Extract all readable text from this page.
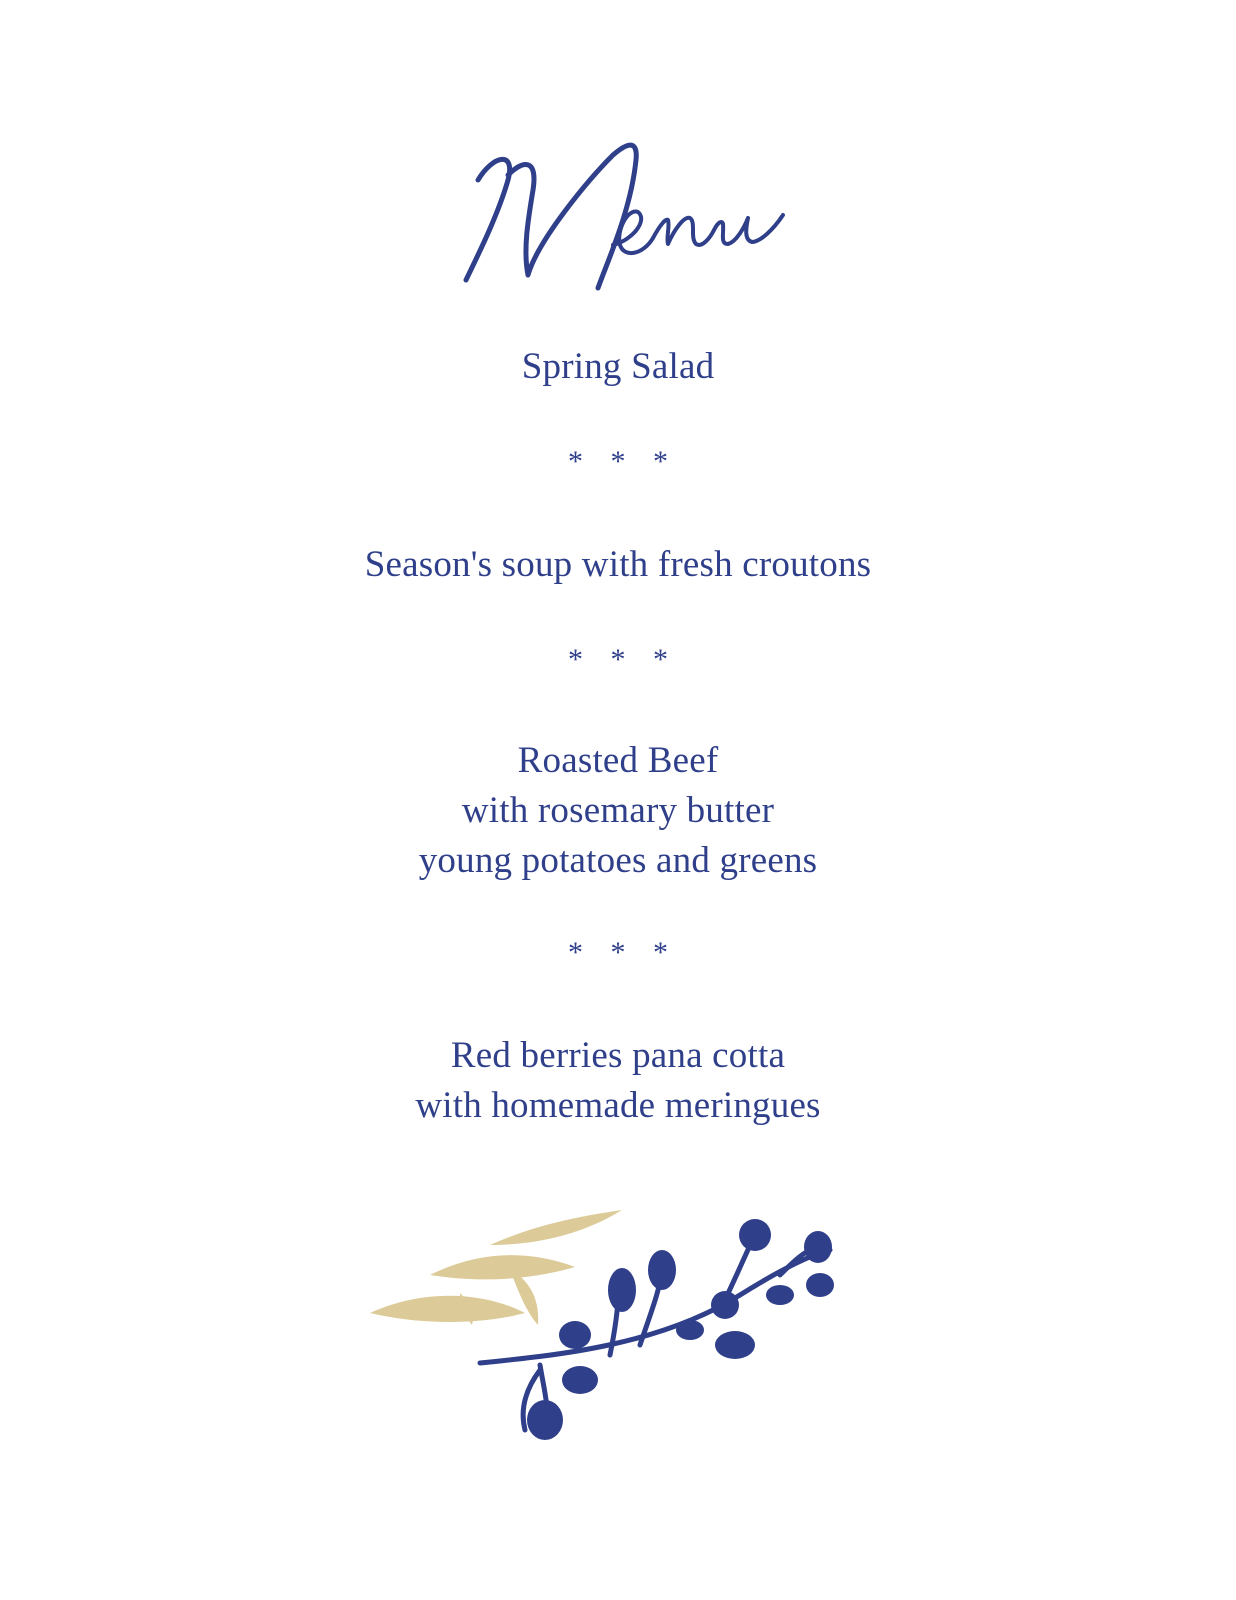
Spring Salad
* * *
Season's soup with fresh croutons
* * *
Roasted Beef
with rosemary butter
young potatoes and greens
* * *
Red berries pana cotta
with homemade meringues
